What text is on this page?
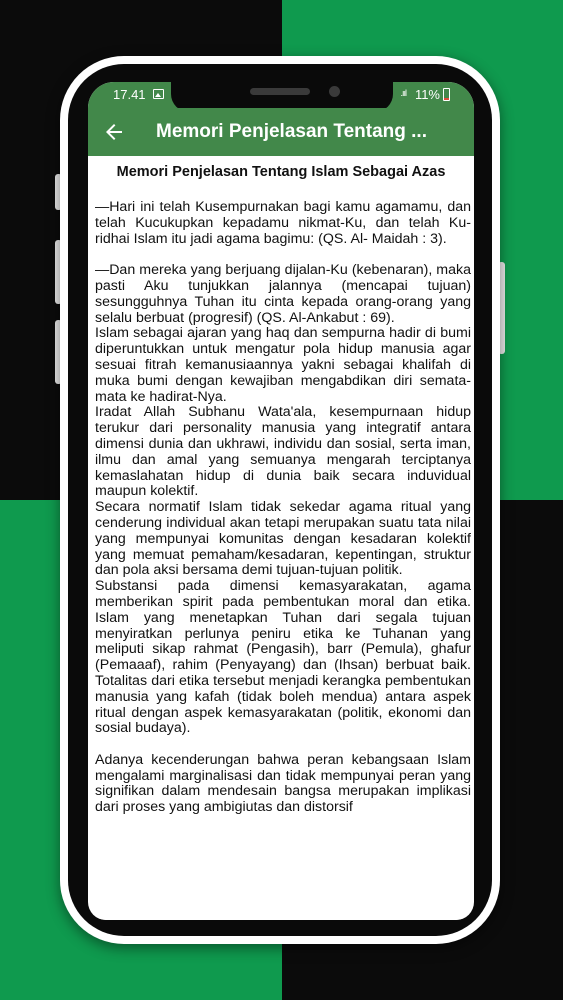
17.41	.ııl 11%
Memori Penjelasan Tentang ...
Memori Penjelasan Tentang Islam Sebagai Azas

—Hari ini telah Kusempurnakan bagi kamu agamamu, dan telah Kucukupkan kepadamu nikmat-Ku, dan telah Ku-ridhai Islam itu jadi agama bagimu: (QS. Al- Maidah : 3).

—Dan mereka yang berjuang dijalan-Ku (kebenaran), maka pasti Aku tunjukkan jalannya (mencapai tujuan) sesungguhnya Tuhan itu cinta kepada orang-orang yang selalu berbuat (progresif) (QS. Al-Ankabut : 69).

Islam sebagai ajaran yang haq dan sempurna hadir di bumi diperuntukkan untuk mengatur pola hidup manusia agar sesuai fitrah kemanusiaannya yakni sebagai khalifah di muka bumi dengan kewajiban mengabdikan diri semata-mata ke hadirat-Nya.

Iradat Allah Subhanu Wata'ala, kesempurnaan hidup terukur dari personality manusia yang integratif antara dimensi dunia dan ukhrawi, individu dan sosial, serta iman, ilmu dan amal yang semuanya mengarah terciptanya kemaslahatan hidup di dunia baik secara induvidual maupun kolektif.

Secara normatif Islam tidak sekedar agama ritual yang cenderung individual akan tetapi merupakan suatu tata nilai yang mempunyai komunitas dengan kesadaran kolektif yang memuat pemaham/kesadaran, kepentingan, struktur dan pola aksi bersama demi tujuan-tujuan politik.

Substansi pada dimensi kemasyarakatan, agama memberikan spirit pada pembentukan moral dan etika. Islam yang menetapkan Tuhan dari segala tujuan menyiratkan perlunya peniru etika ke Tuhanan yang meliputi sikap rahmat (Pengasih), barr (Pemula), ghafur (Pemaaaf), rahim (Penyayang) dan (Ihsan) berbuat baik. Totalitas dari etika tersebut menjadi kerangka pembentukan manusia yang kafah (tidak boleh mendua) antara aspek ritual dengan aspek kemasyarakatan (politik, ekonomi dan sosial budaya).

Adanya kecenderungan bahwa peran kebangsaan Islam mengalami marginalisasi dan tidak mempunyai peran yang signifikan dalam mendesain bangsa merupakan implikasi dari proses yang ambigiutas dan distorsif
